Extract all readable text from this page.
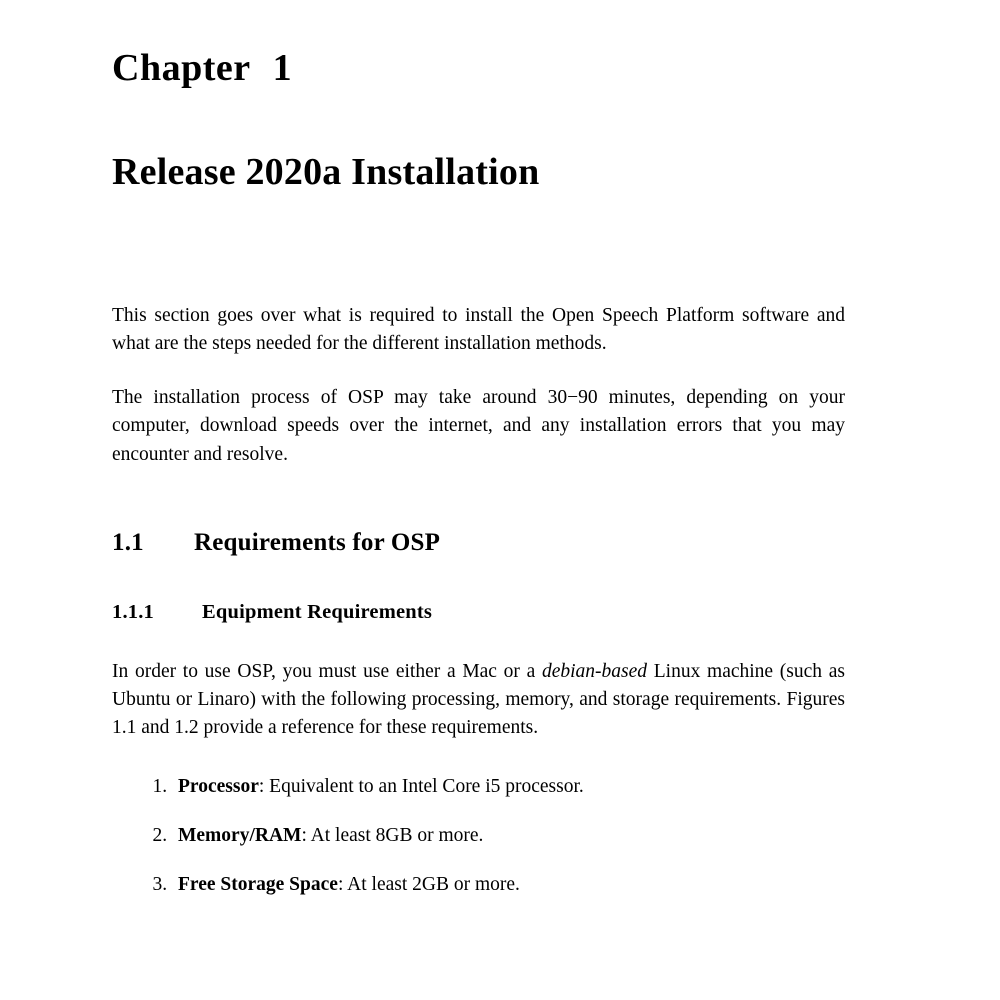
Chapter 1
Release 2020a Installation

This section goes over what is required to install the Open Speech Platform software and what are the steps needed for the different installation methods.

The installation process of OSP may take around 30−90 minutes, depending on your computer, download speeds over the internet, and any installation errors that you may encounter and resolve.

1.1 Requirements for OSP
1.1.1 Equipment Requirements

In order to use OSP, you must use either a Mac or a debian-based Linux machine (such as Ubuntu or Linaro) with the following processing, memory, and storage requirements. Figures 1.1 and 1.2 provide a reference for these requirements.

1. Processor: Equivalent to an Intel Core i5 processor.
2. Memory/RAM: At least 8GB or more.
3. Free Storage Space: At least 2GB or more.
